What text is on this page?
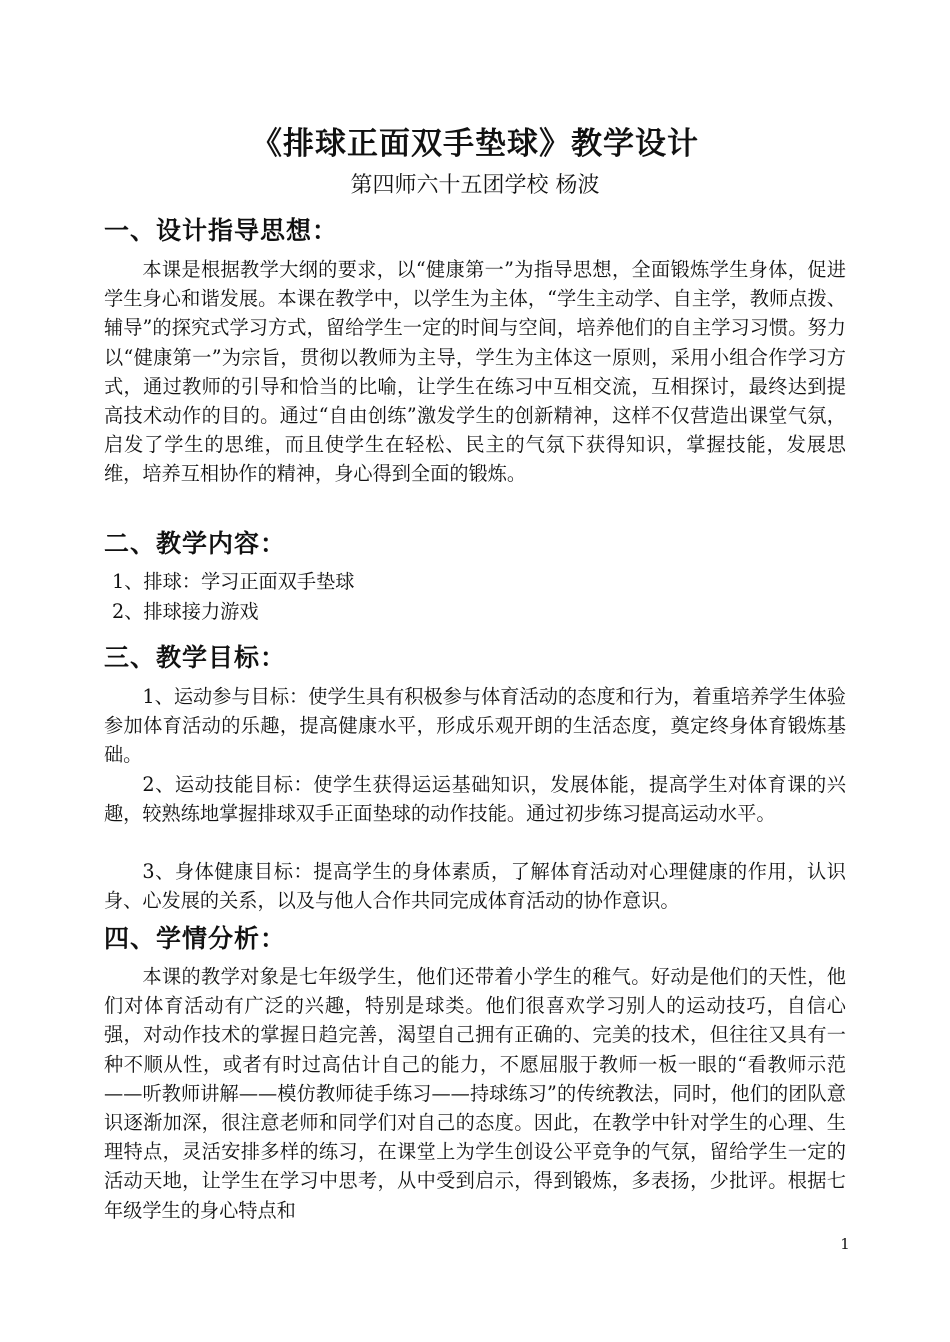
《排球正面双手垫球》教学设计
第四师六十五团学校 杨波
一、设计指导思想：

本课是根据教学大纲的要求，以“健康第一”为指导思想，全面锻炼学生身体，促进学生身心和谐发展。本课在教学中，以学生为主体，“学生主动学、自主学，教师点拨、辅导”的探究式学习方式，留给学生一定的时间与空间，培养他们的自主学习习惯。努力以“健康第一”为宗旨，贯彻以教师为主导，学生为主体这一原则，采用小组合作学习方式，通过教师的引导和恰当的比喻，让学生在练习中互相交流，互相探讨，最终达到提高技术动作的目的。通过“自由创练”激发学生的创新精神，这样不仅营造出课堂气氛，启发了学生的思维，而且使学生在轻松、民主的气氛下获得知识，掌握技能，发展思维，培养互相协作的精神，身心得到全面的锻炼。

二、教学内容：
1、排球：学习正面双手垫球
2、排球接力游戏
三、教学目标：

1、运动参与目标：使学生具有积极参与体育活动的态度和行为，着重培养学生体验参加体育活动的乐趣，提高健康水平，形成乐观开朗的生活态度，奠定终身体育锻炼基础。

2、运动技能目标：使学生获得运运基础知识，发展体能，提高学生对体育课的兴趣，较熟练地掌握排球双手正面垫球的动作技能。通过初步练习提高运动水平。

3、身体健康目标：提高学生的身体素质，了解体育活动对心理健康的作用，认识身、心发展的关系，以及与他人合作共同完成体育活动的协作意识。

四、学情分析：

本课的教学对象是七年级学生，他们还带着小学生的稚气。好动是他们的天性，他们对体育活动有广泛的兴趣，特别是球类。他们很喜欢学习别人的运动技巧，自信心强，对动作技术的掌握日趋完善，渴望自己拥有正确的、完美的技术，但往往又具有一种不顺从性，或者有时过高估计自己的能力，不愿屈服于教师一板一眼的“看教师示范——听教师讲解——模仿教师徒手练习——持球练习”的传统教法，同时，他们的团队意识逐渐加深，很注意老师和同学们对自己的态度。因此，在教学中针对学生的心理、生理特点，灵活安排多样的练习，在课堂上为学生创设公平竞争的气氛，留给学生一定的活动天地，让学生在学习中思考，从中受到启示，得到锻炼，多表扬，少批评。根据七年级学生的身心特点和

1
